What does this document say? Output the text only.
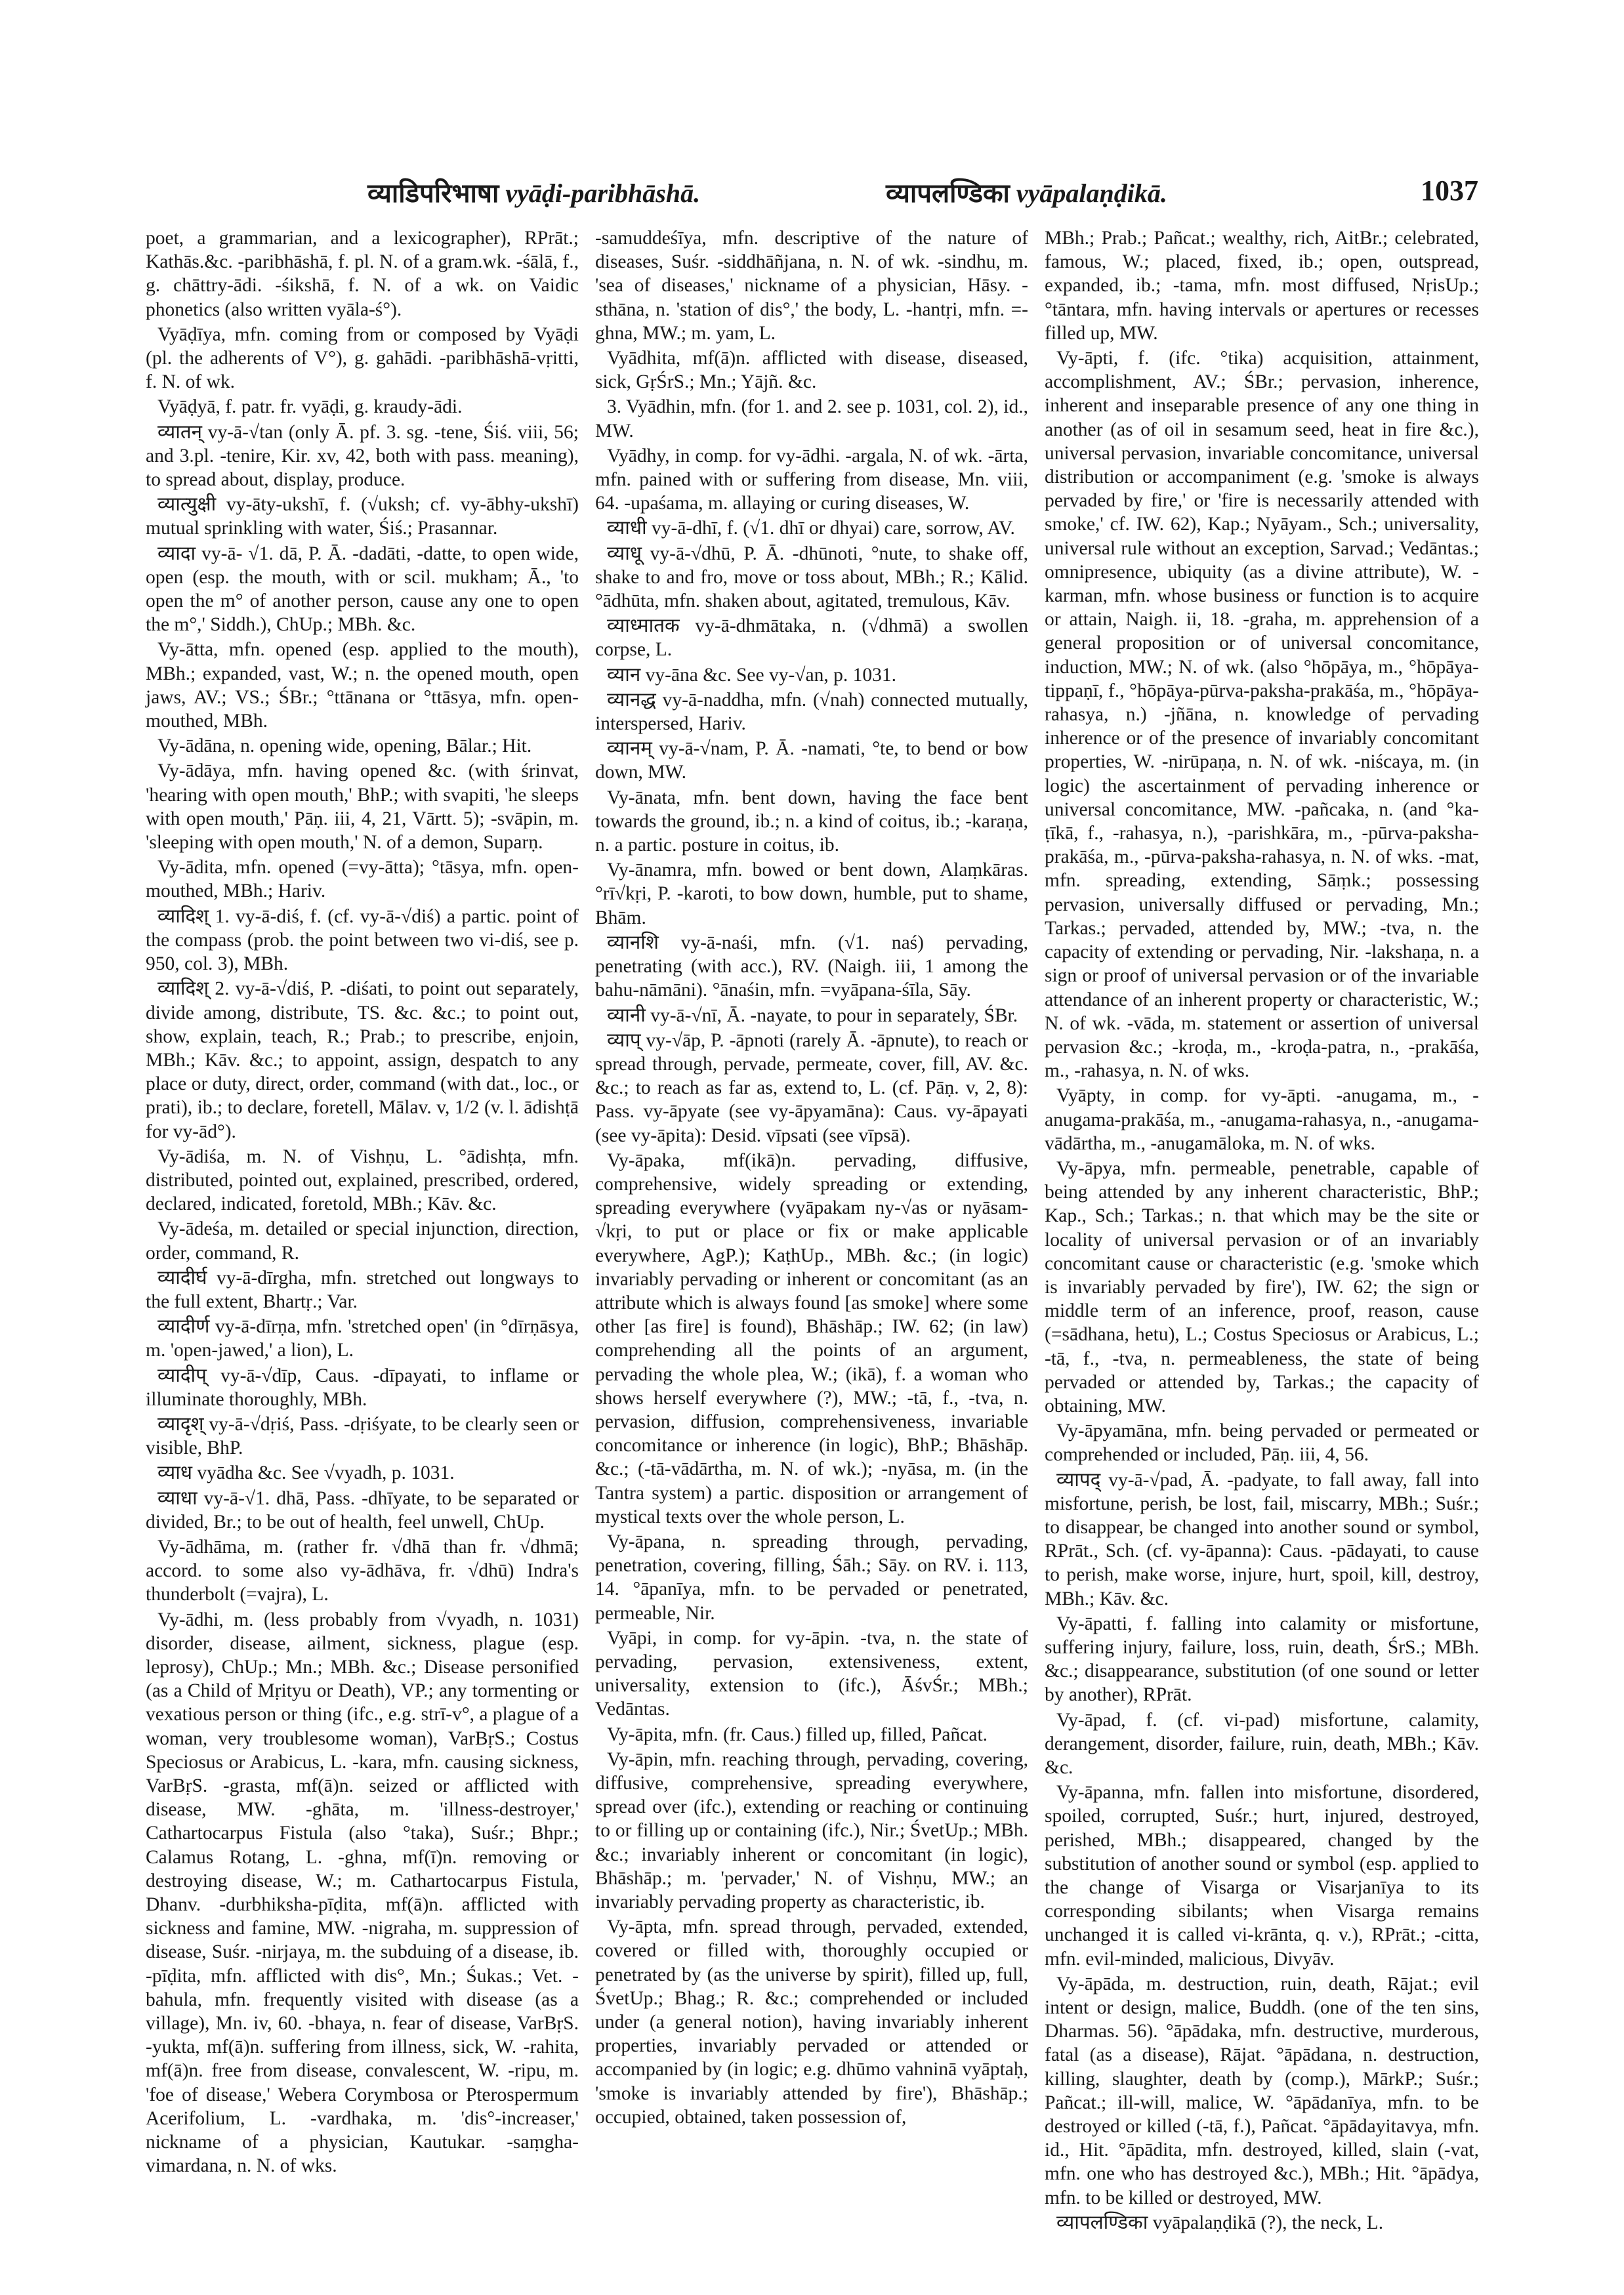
व्याडिपरिभाषा vyāḍi-paribhāshā.	व्यापलण्डिका vyāpalaṇḍikā.	1037

poet, a grammarian, and a lexicographer), RPrāt.; Kathās.&c. -paribhāshā, f. pl. N. of a gram.wk. -śālā, f., g. chāttry-ādi. -śikshā, f. N. of a wk. on Vaidic phonetics (also written vyāla-ś°).

Vyāḍīya, mfn. coming from or composed by Vyāḍi (pl. the adherents of V°), g. gahādi. -paribhāshā-vṛitti, f. N. of wk.

Vyāḍyā, f. patr. fr. vyāḍi, g. kraudy-ādi.

व्यातन् vy-ā-√tan (only Ā. pf. 3. sg. -tene, Śiś. viii, 56; and 3.pl. -tenire, Kir. xv, 42, both with pass. meaning), to spread about, display, produce.

व्यात्युक्षी vy-āty-ukshī, f. (√uksh; cf. vy-ābhy-ukshī) mutual sprinkling with water, Śiś.; Prasannar.

व्यादा vy-ā- √1. dā, P. Ā. -dadāti, -datte, to open wide, open (esp. the mouth, with or scil. mukham; Ā., 'to open the m° of another person, cause any one to open the m°,' Siddh.), ChUp.; MBh. &c.

Vy-ātta, mfn. opened (esp. applied to the mouth), MBh.; expanded, vast, W.; n. the opened mouth, open jaws, AV.; VS.; ŚBr.; °ttānana or °ttāsya, mfn. open-mouthed, MBh.

Vy-ādāna, n. opening wide, opening, Bālar.; Hit.

Vy-ādāya, mfn. having opened &c. (with śrinvat, 'hearing with open mouth,' BhP.; with svapiti, 'he sleeps with open mouth,' Pāṇ. iii, 4, 21, Vārtt. 5); -svāpin, m. 'sleeping with open mouth,' N. of a demon, Suparṇ.

Vy-ādita, mfn. opened (=vy-ātta); °tāsya, mfn. open-mouthed, MBh.; Hariv.

व्यादिश् 1. vy-ā-diś, f. (cf. vy-ā-√diś) a partic. point of the compass (prob. the point between two vi-diś, see p. 950, col. 3), MBh.

व्यादिश् 2. vy-ā-√diś, P. -diśati, to point out separately, divide among, distribute, TS. &c. &c.; to point out, show, explain, teach, R.; Prab.; to prescribe, enjoin, MBh.; Kāv. &c.; to appoint, assign, despatch to any place or duty, direct, order, command (with dat., loc., or prati), ib.; to declare, foretell, Mālav. v, 1/2 (v. l. ādishṭā for vy-ād°).

Vy-ādiśa, m. N. of Vishṇu, L. °ādishṭa, mfn. distributed, pointed out, explained, prescribed, ordered, declared, indicated, foretold, MBh.; Kāv. &c.

Vy-ādeśa, m. detailed or special injunction, direction, order, command, R.

व्यादीर्घ vy-ā-dīrgha, mfn. stretched out longways to the full extent, Bhartṛ.; Var.

व्यादीर्ण vy-ā-dīrṇa, mfn. 'stretched open' (in °dīrṇāsya, m. 'open-jawed,' a lion), L.

व्यादीप् vy-ā-√dīp, Caus. -dīpayati, to inflame or illuminate thoroughly, MBh.

व्यादृश् vy-ā-√dṛiś, Pass. -dṛiśyate, to be clearly seen or visible, BhP.

व्याध vyādha &c. See √vyadh, p. 1031.

व्याधा vy-ā-√1. dhā, Pass. -dhīyate, to be separated or divided, Br.; to be out of health, feel unwell, ChUp.

Vy-ādhāma, m. (rather fr. √dhā than fr. √dhmā; accord. to some also vy-ādhāva, fr. √dhū) Indra's thunderbolt (=vajra), L.

Vy-ādhi, m. (less probably from √vyadh, n. 1031) disorder, disease, ailment, sickness, plague (esp. leprosy), ChUp.; Mn.; MBh. &c.; Disease personified (as a Child of Mṛityu or Death), VP.; any tormenting or vexatious person or thing (ifc., e.g. strī-v°, a plague of a woman, very troublesome woman), VarBṛS.; Costus Speciosus or Arabicus, L. -kara, mfn. causing sickness, VarBṛS. -grasta, mf(ā)n. seized or afflicted with disease, MW. -ghāta, m. 'illness-destroyer,' Cathartocarpus Fistula (also °taka), Suśr.; Bhpr.; Calamus Rotang, L. -ghna, mf(ī)n. removing or destroying disease, W.; m. Cathartocarpus Fistula, Dhanv. -durbhiksha-pīḍita, mf(ā)n. afflicted with sickness and famine, MW. -nigraha, m. suppression of disease, Suśr. -nirjaya, m. the subduing of a disease, ib. -pīḍita, mfn. afflicted with dis°, Mn.; Śukas.; Vet. -bahula, mfn. frequently visited with disease (as a village), Mn. iv, 60. -bhaya, n. fear of disease, VarBṛS. -yukta, mf(ā)n. suffering from illness, sick, W. -rahita, mf(ā)n. free from disease, convalescent, W. -ripu, m. 'foe of disease,' Webera Corymbosa or Pterospermum Acerifolium, L. -vardhaka, m. 'dis°-increaser,' nickname of a physician, Kautukar. -saṃgha-vimardana, n. N. of wks.

-samuddeśīya, mfn. descriptive of the nature of diseases, Suśr. -siddhāñjana, n. N. of wk. -sindhu, m. 'sea of diseases,' nickname of a physician, Hāsy. -sthāna, n. 'station of dis°,' the body, L. -hantṛi, mfn. =-ghna, MW.; m. yam, L.

Vyādhita, mf(ā)n. afflicted with disease, diseased, sick, GṛŚrS.; Mn.; Yājñ. &c.

3. Vyādhin, mfn. (for 1. and 2. see p. 1031, col. 2), id., MW.

Vyādhy, in comp. for vy-ādhi. -argala, N. of wk. -ārta, mfn. pained with or suffering from disease, Mn. viii, 64. -upaśama, m. allaying or curing diseases, W.

व्याधी vy-ā-dhī, f. (√1. dhī or dhyai) care, sorrow, AV.

व्याधू vy-ā-√dhū, P. Ā. -dhūnoti, °nute, to shake off, shake to and fro, move or toss about, MBh.; R.; Kālid. °ādhūta, mfn. shaken about, agitated, tremulous, Kāv.

व्याध्मातक vy-ā-dhmātaka, n. (√dhmā) a swollen corpse, L.

व्यान vy-āna &c. See vy-√an, p. 1031.

व्यानद्ध vy-ā-naddha, mfn. (√nah) connected mutually, interspersed, Hariv.

व्यानम् vy-ā-√nam, P. Ā. -namati, °te, to bend or bow down, MW.

Vy-ānata, mfn. bent down, having the face bent towards the ground, ib.; n. a kind of coitus, ib.; -karaṇa, n. a partic. posture in coitus, ib.

Vy-ānamra, mfn. bowed or bent down, Alaṃkāras. °rī√kṛi, P. -karoti, to bow down, humble, put to shame, Bhām.

व्यानशि vy-ā-naśi, mfn. (√1. naś) pervading, penetrating (with acc.), RV. (Naigh. iii, 1 among the bahu-nāmāni). °ānaśin, mfn. =vyāpana-śīla, Sāy.

व्यानी vy-ā-√nī, Ā. -nayate, to pour in separately, ŚBr.

व्याप् vy-√āp, P. -āpnoti (rarely Ā. -āpnute), to reach or spread through, pervade, permeate, cover, fill, AV. &c. &c.; to reach as far as, extend to, L. (cf. Pāṇ. v, 2, 8): Pass. vy-āpyate (see vy-āpyamāna): Caus. vy-āpayati (see vy-āpita): Desid. vīpsati (see vīpsā).

Vy-āpaka, mf(ikā)n. pervading, diffusive, comprehensive, widely spreading or extending, spreading everywhere (vyāpakam ny-√as or nyāsam-√kṛi, to put or place or fix or make applicable everywhere, AgP.); KaṭhUp., MBh. &c.; (in logic) invariably pervading or inherent or concomitant (as an attribute which is always found [as smoke] where some other [as fire] is found), Bhāshāp.; IW. 62; (in law) comprehending all the points of an argument, pervading the whole plea, W.; (ikā), f. a woman who shows herself everywhere (?), MW.; -tā, f., -tva, n. pervasion, diffusion, comprehensiveness, invariable concomitance or inherence (in logic), BhP.; Bhāshāp. &c.; (-tā-vādārtha, m. N. of wk.); -nyāsa, m. (in the Tantra system) a partic. disposition or arrangement of mystical texts over the whole person, L.

Vy-āpana, n. spreading through, pervading, penetration, covering, filling, Śāh.; Sāy. on RV. i. 113, 14. °āpanīya, mfn. to be pervaded or penetrated, permeable, Nir.

Vyāpi, in comp. for vy-āpin. -tva, n. the state of pervading, pervasion, extensiveness, extent, universality, extension to (ifc.), ĀśvŚr.; MBh.; Vedāntas.

Vy-āpita, mfn. (fr. Caus.) filled up, filled, Pañcat.

Vy-āpin, mfn. reaching through, pervading, covering, diffusive, comprehensive, spreading everywhere, spread over (ifc.), extending or reaching or continuing to or filling up or containing (ifc.), Nir.; ŚvetUp.; MBh. &c.; invariably inherent or concomitant (in logic), Bhāshāp.; m. 'pervader,' N. of Vishṇu, MW.; an invariably pervading property as characteristic, ib.

Vy-āpta, mfn. spread through, pervaded, extended, covered or filled with, thoroughly occupied or penetrated by (as the universe by spirit), filled up, full, ŚvetUp.; Bhag.; R. &c.; comprehended or included under (a general notion), having invariably inherent properties, invariably pervaded or attended or accompanied by (in logic; e.g. dhūmo vahninā vyāptaḥ, 'smoke is invariably attended by fire'), Bhāshāp.; occupied, obtained, taken possession of,

MBh.; Prab.; Pañcat.; wealthy, rich, AitBr.; celebrated, famous, W.; placed, fixed, ib.; open, outspread, expanded, ib.; -tama, mfn. most diffused, NṛisUp.; °tāntara, mfn. having intervals or apertures or recesses filled up, MW.

Vy-āpti, f. (ifc. °tika) acquisition, attainment, accomplishment, AV.; ŚBr.; pervasion, inherence, inherent and inseparable presence of any one thing in another (as of oil in sesamum seed, heat in fire &c.), universal pervasion, invariable concomitance, universal distribution or accompaniment (e.g. 'smoke is always pervaded by fire,' or 'fire is necessarily attended with smoke,' cf. IW. 62), Kap.; Nyāyam., Sch.; universality, universal rule without an exception, Sarvad.; Vedāntas.; omnipresence, ubiquity (as a divine attribute), W. -karman, mfn. whose business or function is to acquire or attain, Naigh. ii, 18. -graha, m. apprehension of a general proposition or of universal concomitance, induction, MW.; N. of wk. (also °hōpāya, m., °hōpāya-tippaṇī, f., °hōpāya-pūrva-paksha-prakāśa, m., °hōpāya-rahasya, n.) -jñāna, n. knowledge of pervading inherence or of the presence of invariably concomitant properties, W. -nirūpaṇa, n. N. of wk. -niścaya, m. (in logic) the ascertainment of pervading inherence or universal concomitance, MW. -pañcaka, n. (and °ka-ṭīkā, f., -rahasya, n.), -parishkāra, m., -pūrva-paksha-prakāśa, m., -pūrva-paksha-rahasya, n. N. of wks. -mat, mfn. spreading, extending, Sāṃk.; possessing pervasion, universally diffused or pervading, Mn.; Tarkas.; pervaded, attended by, MW.; -tva, n. the capacity of extending or pervading, Nir. -lakshaṇa, n. a sign or proof of universal pervasion or of the invariable attendance of an inherent property or characteristic, W.; N. of wk. -vāda, m. statement or assertion of universal pervasion &c.; -kroḍa, m., -kroḍa-patra, n., -prakāśa, m., -rahasya, n. N. of wks.

Vyāpty, in comp. for vy-āpti. -anugama, m., -anugama-prakāśa, m., -anugama-rahasya, n., -anugama-vādārtha, m., -anugamāloka, m. N. of wks.

Vy-āpya, mfn. permeable, penetrable, capable of being attended by any inherent characteristic, BhP.; Kap., Sch.; Tarkas.; n. that which may be the site or locality of universal pervasion or of an invariably concomitant cause or characteristic (e.g. 'smoke which is invariably pervaded by fire'), IW. 62; the sign or middle term of an inference, proof, reason, cause (=sādhana, hetu), L.; Costus Speciosus or Arabicus, L.; -tā, f., -tva, n. permeableness, the state of being pervaded or attended by, Tarkas.; the capacity of obtaining, MW.

Vy-āpyamāna, mfn. being pervaded or permeated or comprehended or included, Pāṇ. iii, 4, 56.

व्यापद् vy-ā-√pad, Ā. -padyate, to fall away, fall into misfortune, perish, be lost, fail, miscarry, MBh.; Suśr.; to disappear, be changed into another sound or symbol, RPrāt., Sch. (cf. vy-āpanna): Caus. -pādayati, to cause to perish, make worse, injure, hurt, spoil, kill, destroy, MBh.; Kāv. &c.

Vy-āpatti, f. falling into calamity or misfortune, suffering injury, failure, loss, ruin, death, ŚrS.; MBh. &c.; disappearance, substitution (of one sound or letter by another), RPrāt.

Vy-āpad, f. (cf. vi-pad) misfortune, calamity, derangement, disorder, failure, ruin, death, MBh.; Kāv. &c.

Vy-āpanna, mfn. fallen into misfortune, disordered, spoiled, corrupted, Suśr.; hurt, injured, destroyed, perished, MBh.; disappeared, changed by the substitution of another sound or symbol (esp. applied to the change of Visarga or Visarjanīya to its corresponding sibilants; when Visarga remains unchanged it is called vi-krānta, q. v.), RPrāt.; -citta, mfn. evil-minded, malicious, Divyāv.

Vy-āpāda, m. destruction, ruin, death, Rājat.; evil intent or design, malice, Buddh. (one of the ten sins, Dharmas. 56). °āpādaka, mfn. destructive, murderous, fatal (as a disease), Rājat. °āpādana, n. destruction, killing, slaughter, death by (comp.), MārkP.; Suśr.; Pañcat.; ill-will, malice, W. °āpādanīya, mfn. to be destroyed or killed (-tā, f.), Pañcat. °āpādayitavya, mfn. id., Hit. °āpādita, mfn. destroyed, killed, slain (-vat, mfn. one who has destroyed &c.), MBh.; Hit. °āpādya, mfn. to be killed or destroyed, MW.

व्यापलण्डिका vyāpalaṇḍikā (?), the neck, L.
